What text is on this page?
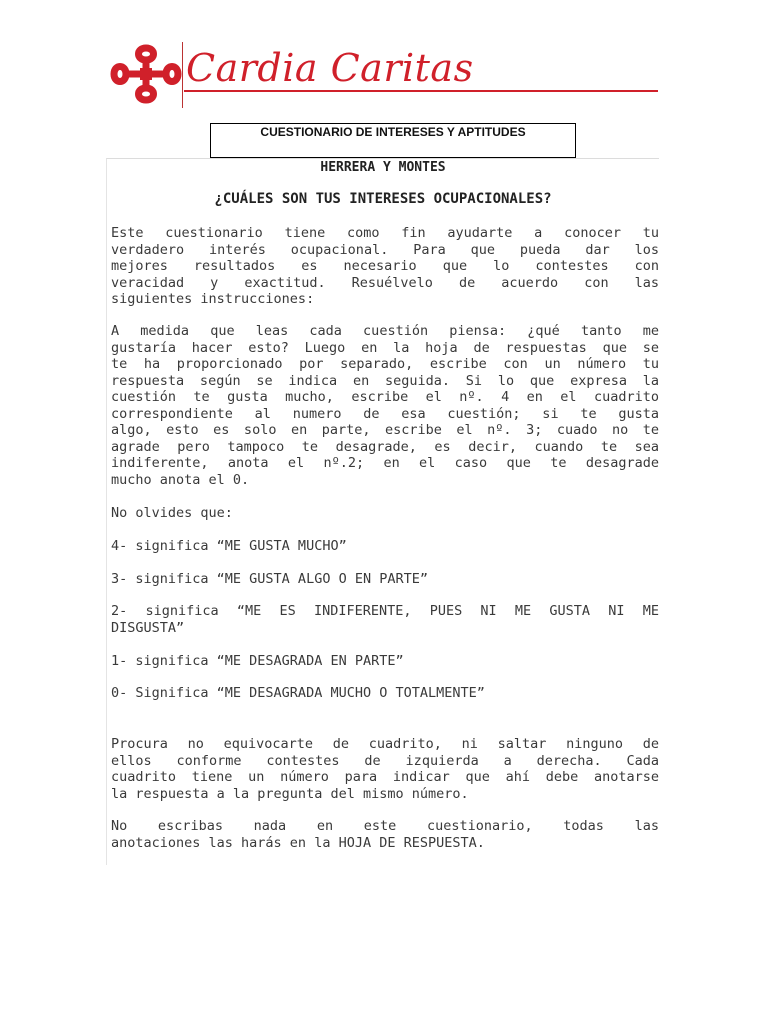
Cardia Caritas
CUESTIONARIO DE INTERESES Y APTITUDES

HERRERA Y MONTES

¿CUÁLES SON TUS INTERESES OCUPACIONALES?

Este cuestionario tiene como fin ayudarte a conocer tu
verdadero interés ocupacional. Para que pueda dar los
mejores resultados es necesario que lo contestes con
veracidad y exactitud. Resuélvelo de acuerdo con las
siguientes instrucciones:
A medida que leas cada cuestión piensa: ¿qué tanto me
gustaría hacer esto? Luego en la hoja de respuestas que se
te ha proporcionado por separado, escribe con un número tu
respuesta según se indica en seguida. Si lo que expresa la
cuestión te gusta mucho, escribe el nº. 4 en el cuadrito
correspondiente al numero de esa cuestión; si te gusta
algo, esto es solo en parte, escribe el nº. 3; cuado no te
agrade pero tampoco te desagrade, es decir, cuando te sea
indiferente, anota el nº.2; en el caso que te desagrade
mucho anota el 0.

No olvides que:

4- significa “ME GUSTA MUCHO”

3- significa “ME GUSTA ALGO O EN PARTE”

2- significa “ME ES INDIFERENTE, PUES NI ME GUSTA NI ME
DISGUSTA”

1- significa “ME DESAGRADA EN PARTE”

0- Significa “ME DESAGRADA MUCHO O TOTALMENTE”

Procura no equivocarte de cuadrito, ni saltar ninguno de
ellos conforme contestes de izquierda a derecha. Cada
cuadrito tiene un número para indicar que ahí debe anotarse
la respuesta a la pregunta del mismo número.
No escribas nada en este cuestionario, todas las
anotaciones las harás en la HOJA DE RESPUESTA.
